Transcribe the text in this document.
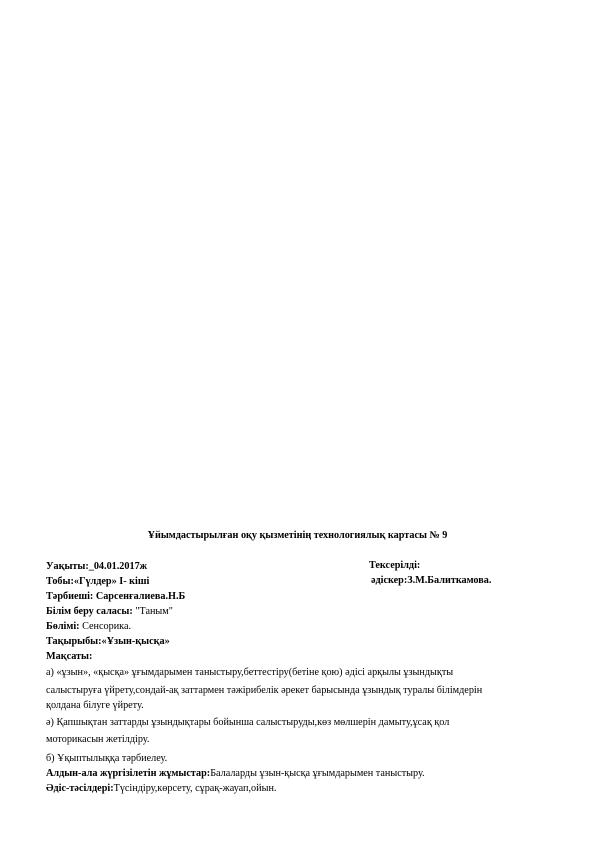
Ұйымдастырылған оқу қызметінің технологиялық картасы № 9
Уақыты:_04.01.2017ж	Тексерілді:
Тобы:«Гүлдер» І- кіші	әдіскер:З.М.Балиткамова.
Тәрбиеші: Сарсенғалиева.Н.Б
Білім беру саласы: "Таным"
Бөлімі: Сенсорика.
Тақырыбы:«Ұзын-қысқа»
Мақсаты:
а) «ұзын», «қысқа» ұғымдарымен таныстыру,беттестіру(бетіне қою) әдісі арқылы ұзындықты
салыстыруға үйрету,сондай-ақ заттармен тәжірибелік әрекет барысында ұзындық туралы білімдерін
қолдана білуге үйрету.
ә) Қапшықтан заттарды ұзындықтары бойынша салыстыруды,көз мөлшерін дамыту,ұсақ қол
моторикасын жетілдіру.
б) Ұқыптылыққа тәрбиелеу.
Алдын-ала жүргізілетін жұмыстар:Балаларды ұзын-қысқа ұғымдарымен таныстыру.
Әдіс-тәсілдері:Түсіндіру,көрсету, сұрақ-жауап,ойын.
